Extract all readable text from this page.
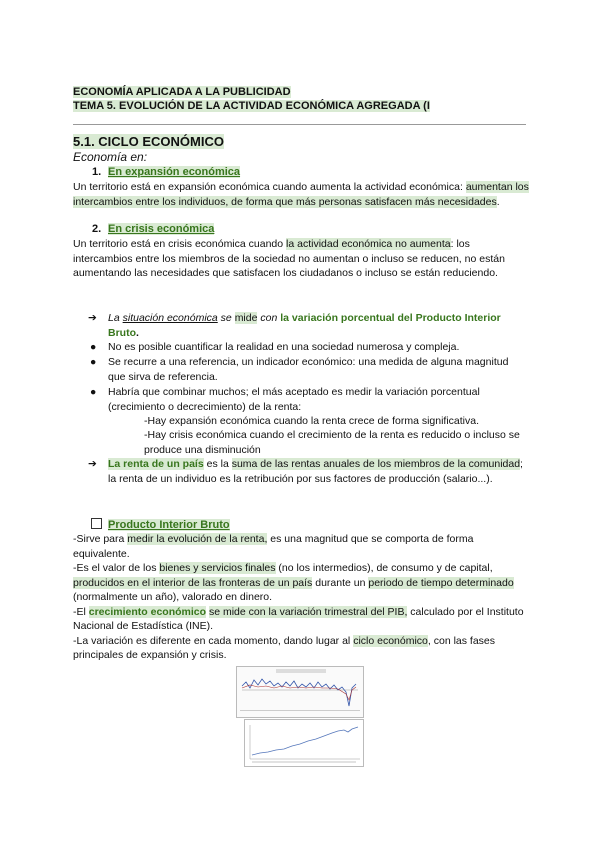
ECONOMÍA APLICADA A LA PUBLICIDAD
TEMA 5. EVOLUCIÓN DE LA ACTIVIDAD ECONÓMICA AGREGADA (I
5.1. CICLO ECONÓMICO
Economía en:
1. En expansión económica
Un territorio está en expansión económica cuando aumenta la actividad económica: aumentan los intercambios entre los individuos, de forma que más personas satisfacen más necesidades.
2. En crisis económica
Un territorio está en crisis económica cuando la actividad económica no aumenta: los intercambios entre los miembros de la sociedad no aumentan o incluso se reducen, no están aumentando las necesidades que satisfacen los ciudadanos o incluso se están reduciendo.
➔ La situación económica se mide con la variación porcentual del Producto Interior Bruto.
● No es posible cuantificar la realidad en una sociedad numerosa y compleja.
● Se recurre a una referencia, un indicador económico: una medida de alguna magnitud que sirva de referencia.
● Habría que combinar muchos; el más aceptado es medir la variación porcentual (crecimiento o decrecimiento) de la renta:
-Hay expansión económica cuando la renta crece de forma significativa.
-Hay crisis económica cuando el crecimiento de la renta es reducido o incluso se produce una disminución
➔ La renta de un país es la suma de las rentas anuales de los miembros de la comunidad; la renta de un individuo es la retribución por sus factores de producción (salario...).
Producto Interior Bruto
-Sirve para medir la evolución de la renta, es una magnitud que se comporta de forma equivalente.
-Es el valor de los bienes y servicios finales (no los intermedios), de consumo y de capital, producidos en el interior de las fronteras de un país durante un periodo de tiempo determinado (normalmente un año), valorado en dinero.
-El crecimiento económico se mide con la variación trimestral del PIB, calculado por el Instituto Nacional de Estadística (INE).
-La variación es diferente en cada momento, dando lugar al ciclo económico, con las fases principales de expansión y crisis.
